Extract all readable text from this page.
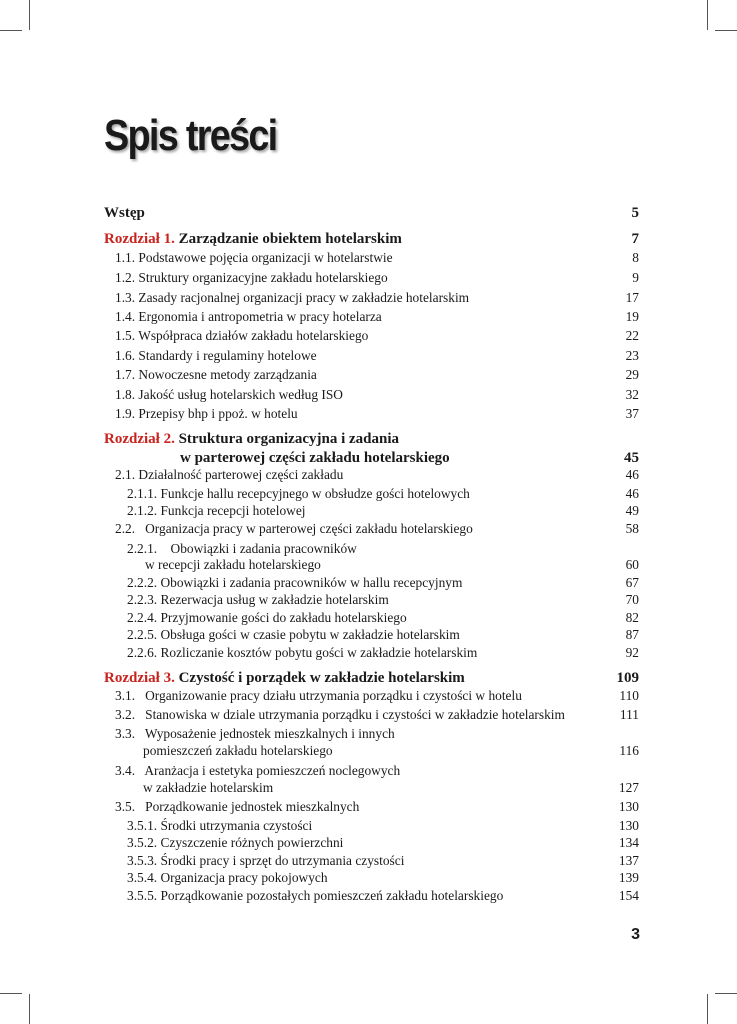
Spis treści
Wstęp	5
Rozdział 1. Zarządzanie obiektem hotelarskim	7
1.1. Podstawowe pojęcia organizacji w hotelarstwie	8
1.2. Struktury organizacyjne zakładu hotelarskiego	9
1.3. Zasady racjonalnej organizacji pracy w zakładzie hotelarskim	17
1.4. Ergonomia i antropometria w pracy hotelarza	19
1.5. Współpraca działów zakładu hotelarskiego	22
1.6. Standardy i regulaminy hotelowe	23
1.7. Nowoczesne metody zarządzania	29
1.8. Jakość usług hotelarskich według ISO	32
1.9. Przepisy bhp i ppoż. w hotelu	37
Rozdział 2. Struktura organizacyjna i zadania
w parterowej części zakładu hotelarskiego	45
2.1. Działalność parterowej części zakładu	46
2.1.1. Funkcje hallu recepcyjnego w obsłudze gości hotelowych	46
2.1.2. Funkcja recepcji hotelowej	49
2.2.   Organizacja pracy w parterowej części zakładu hotelarskiego	58
2.2.1.    Obowiązki i zadania pracowników
w recepcji zakładu hotelarskiego	60
2.2.2. Obowiązki i zadania pracowników w hallu recepcyjnym	67
2.2.3. Rezerwacja usług w zakładzie hotelarskim	70
2.2.4. Przyjmowanie gości do zakładu hotelarskiego	82
2.2.5. Obsługa gości w czasie pobytu w zakładzie hotelarskim	87
2.2.6. Rozliczanie kosztów pobytu gości w zakładzie hotelarskim	92
Rozdział 3. Czystość i porządek w zakładzie hotelarskim	109
3.1.   Organizowanie pracy działu utrzymania porządku i czystości w hotelu	110
3.2.   Stanowiska w dziale utrzymania porządku i czystości w zakładzie hotelarskim	111
3.3.   Wyposażenie jednostek mieszkalnych i innych
pomieszczeń zakładu hotelarskiego	116
3.4.   Aranżacja i estetyka pomieszczeń noclegowych
w zakładzie hotelarskim	127
3.5.   Porządkowanie jednostek mieszkalnych	130
3.5.1. Środki utrzymania czystości	130
3.5.2. Czyszczenie różnych powierzchni	134
3.5.3. Środki pracy i sprzęt do utrzymania czystości	137
3.5.4. Organizacja pracy pokojowych	139
3.5.5. Porządkowanie pozostałych pomieszczeń zakładu hotelarskiego	154
3
